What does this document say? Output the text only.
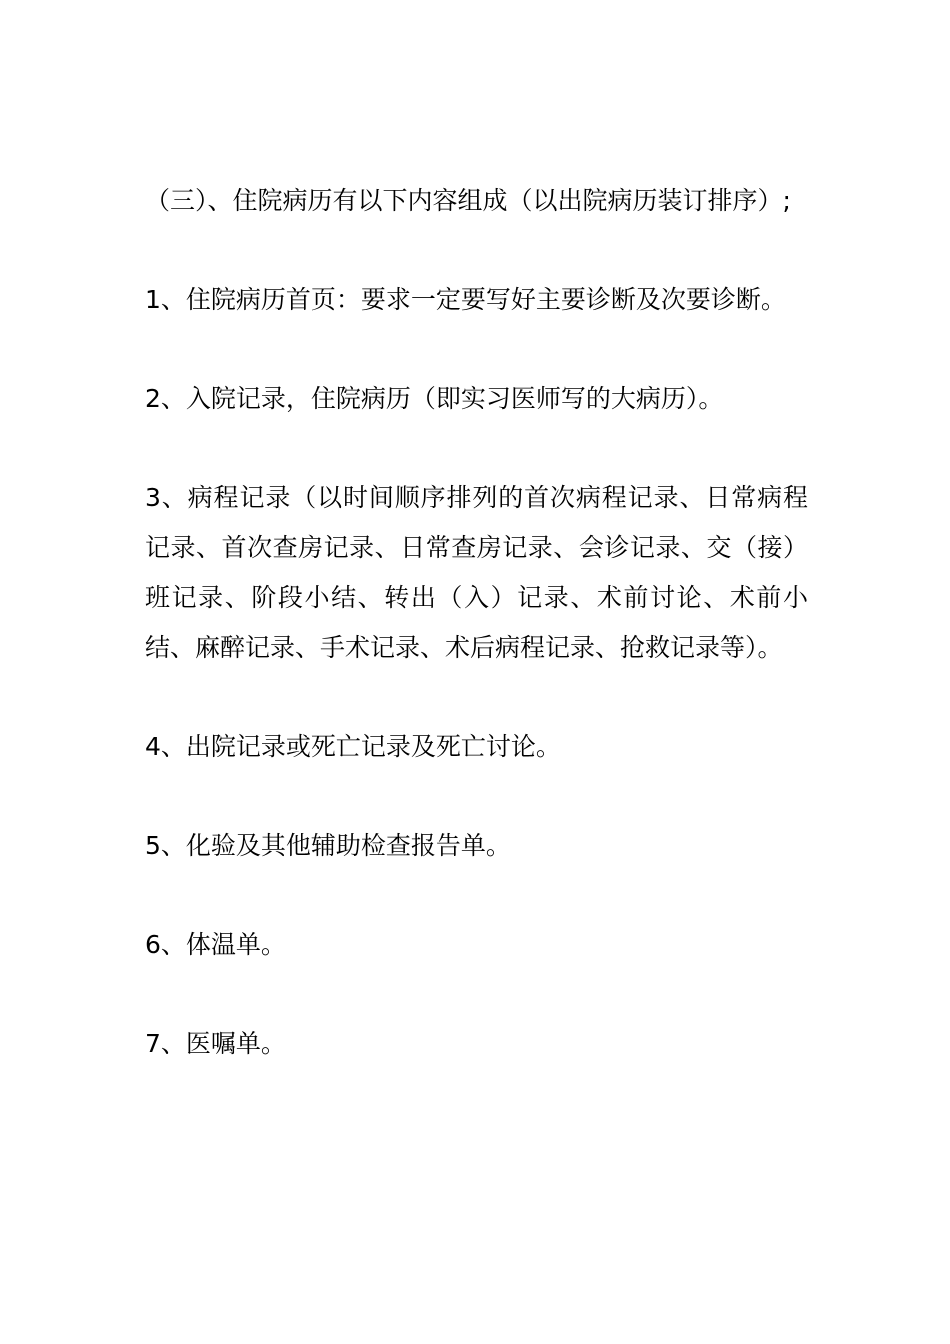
（三）、住院病历有以下内容组成（以出院病历装订排序）;

1、住院病历首页：要求一定要写好主要诊断及次要诊断。

2、入院记录，住院病历（即实习医师写的大病历）。

3、病程记录（以时间顺序排列的首次病程记录、日常病程记录、首次查房记录、日常查房记录、会诊记录、交（接）班记录、阶段小结、转出（入）记录、术前讨论、术前小结、麻醉记录、手术记录、术后病程记录、抢救记录等）。

4、出院记录或死亡记录及死亡讨论。

5、化验及其他辅助检查报告单。

6、体温单。

7、医嘱单。
